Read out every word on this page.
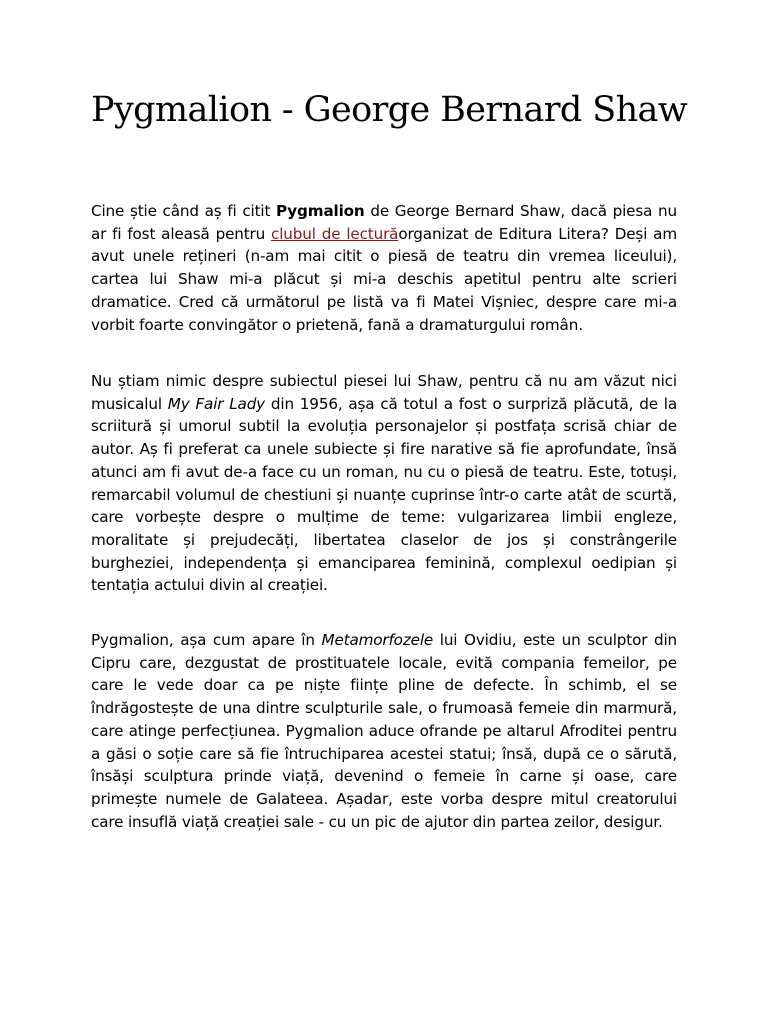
Pygmalion - George Bernard Shaw

Cine știe când aș fi citit Pygmalion de George Bernard Shaw, dacă piesa nu ar fi fost aleasă pentru clubul de lecturăorganizat de Editura Litera? Deși am avut unele rețineri (n-am mai citit o piesă de teatru din vremea liceului), cartea lui Shaw mi-a plăcut și mi-a deschis apetitul pentru alte scrieri dramatice. Cred că următorul pe listă va fi Matei Vișniec, despre care mi-a vorbit foarte convingător o prietenă, fană a dramaturgului român.

Nu știam nimic despre subiectul piesei lui Shaw, pentru că nu am văzut nici musicalul My Fair Lady din 1956, așa că totul a fost o surpriză plăcută, de la scriitură și umorul subtil la evoluția personajelor și postfața scrisă chiar de autor. Aș fi preferat ca unele subiecte și fire narative să fie aprofundate, însă atunci am fi avut de-a face cu un roman, nu cu o piesă de teatru. Este, totuși, remarcabil volumul de chestiuni și nuanțe cuprinse într-o carte atât de scurtă, care vorbește despre o mulțime de teme: vulgarizarea limbii engleze, moralitate și prejudecăți, libertatea claselor de jos și constrângerile burgheziei, independența și emanciparea feminină, complexul oedipian și tentația actului divin al creației.

Pygmalion, așa cum apare în Metamorfozele lui Ovidiu, este un sculptor din Cipru care, dezgustat de prostituatele locale, evită compania femeilor, pe care le vede doar ca pe niște ființe pline de defecte. În schimb, el se îndrăgostește de una dintre sculpturile sale, o frumoasă femeie din marmură, care atinge perfecțiunea. Pygmalion aduce ofrande pe altarul Afroditei pentru a găsi o soție care să fie întruchiparea acestei statui; însă, după ce o sărută, însăși sculptura prinde viață, devenind o femeie în carne și oase, care primește numele de Galateea. Așadar, este vorba despre mitul creatorului care insuflă viață creației sale - cu un pic de ajutor din partea zeilor, desigur.
